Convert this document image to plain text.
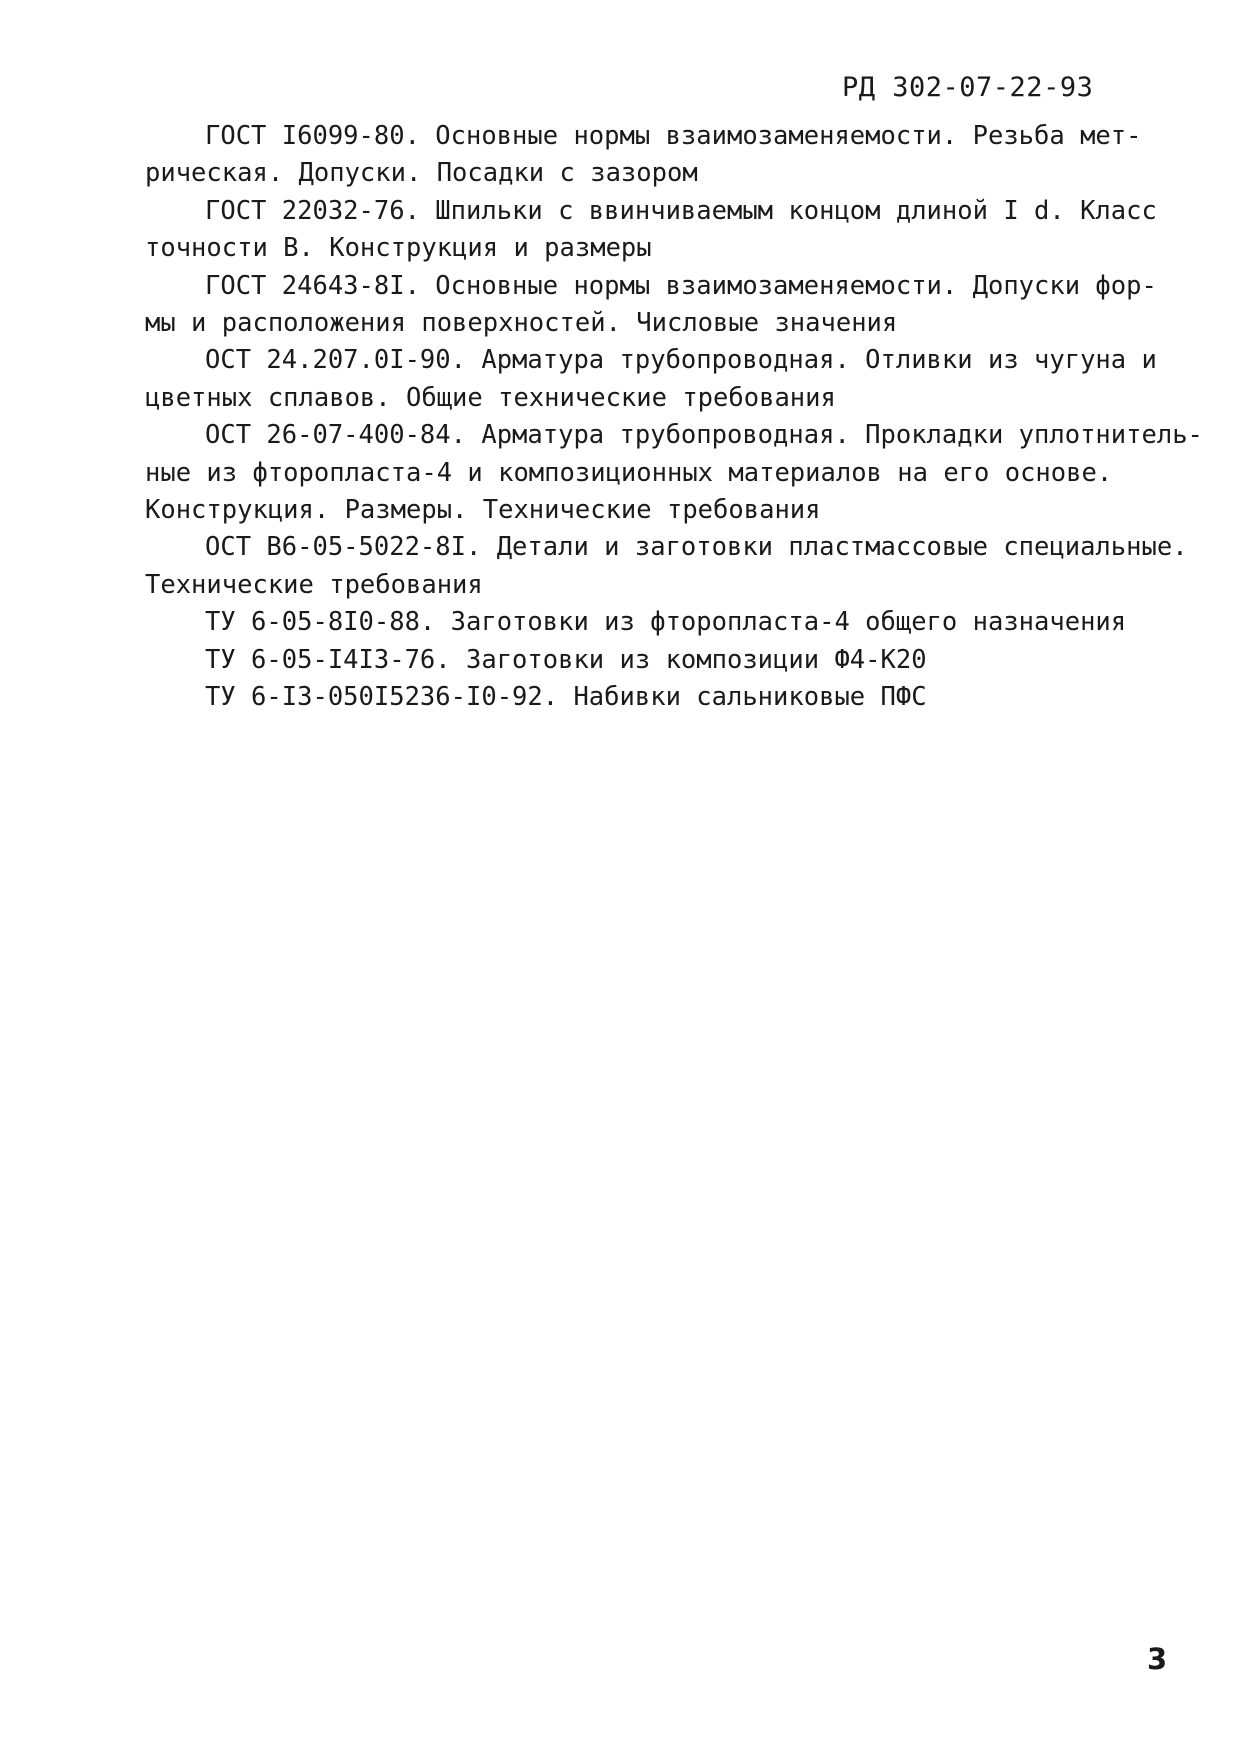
РД 302-07-22-93
ГОСТ I6099-80. Основные нормы взаимозаменяемости. Резьба мет-
рическая. Допуски. Посадки с зазором
ГОСТ 22032-76. Шпильки с ввинчиваемым концом длиной I d. Класс
точности В. Конструкция и размеры
ГОСТ 24643-8I. Основные нормы взаимозаменяемости. Допуски фор-
мы и расположения поверхностей. Числовые значения
ОСТ 24.207.0I-90. Арматура трубопроводная. Отливки из чугуна и
цветных сплавов. Общие технические требования
ОСТ 26-07-400-84. Арматура трубопроводная. Прокладки уплотнитель-
ные из фторопласта-4 и композиционных материалов на его основе.
Конструкция. Размеры. Технические требования
ОСТ В6-05-5022-8I. Детали и заготовки пластмассовые специальные.
Технические требования
ТУ 6-05-8I0-88. Заготовки из фторопласта-4 общего назначения
ТУ 6-05-I4I3-76. Заготовки из композиции Ф4-К20
ТУ 6-I3-050I5236-I0-92. Набивки сальниковые ПФС
3
